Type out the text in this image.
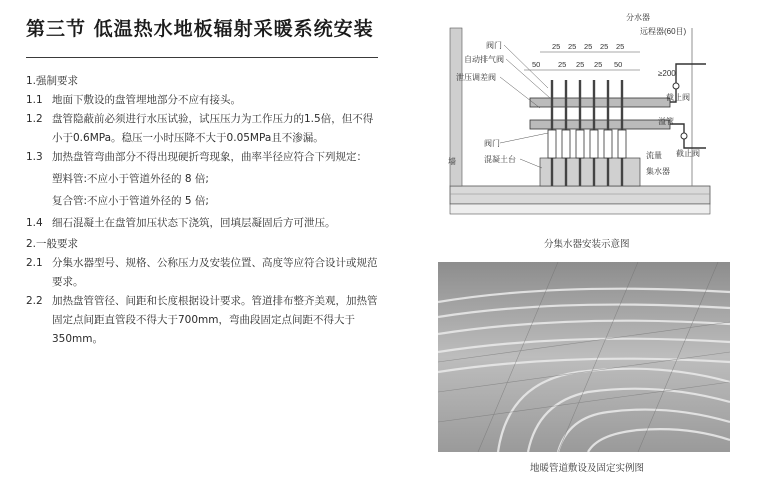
第三节 低温热水地板辐射采暖系统安装
1.强制要求
1.1 地面下敷设的盘管埋地部分不应有接头。
1.2 盘管隐蔽前必须进行水压试验，试压压力为工作压力的1.5倍，但不得小于0.6MPa。稳压一小时压降不大于0.05MPa且不渗漏。
1.3 加热盘管弯曲部分不得出现硬折弯现象，曲率半径应符合下列规定：
塑料管:不应小于管道外径的 8 倍;
复合管:不应小于管道外径的 5 倍;
1.4 细石混凝土在盘管加压状态下浇筑，回填层凝固后方可泄压。
2.一般要求
2.1 分集水器型号、规格、公称压力及安装位置、高度等应符合设计或规范要求。
2.2 加热盘管管径、间距和长度根据设计要求。管道排布整齐美观，加热管固定点间距直管段不得大于700mm，弯曲段固定点间距不得大于350mm。
25 25 25 25 25
50 25 25 25 50
分水器
远程器(60目)
阀门
自动排气阀
泄压调差阀	≥200
截止阀
溢管
阀门
混凝土台
墙
流量
集水器
截止阀
分集水器安装示意图
地暖管道敷设及固定实例图
